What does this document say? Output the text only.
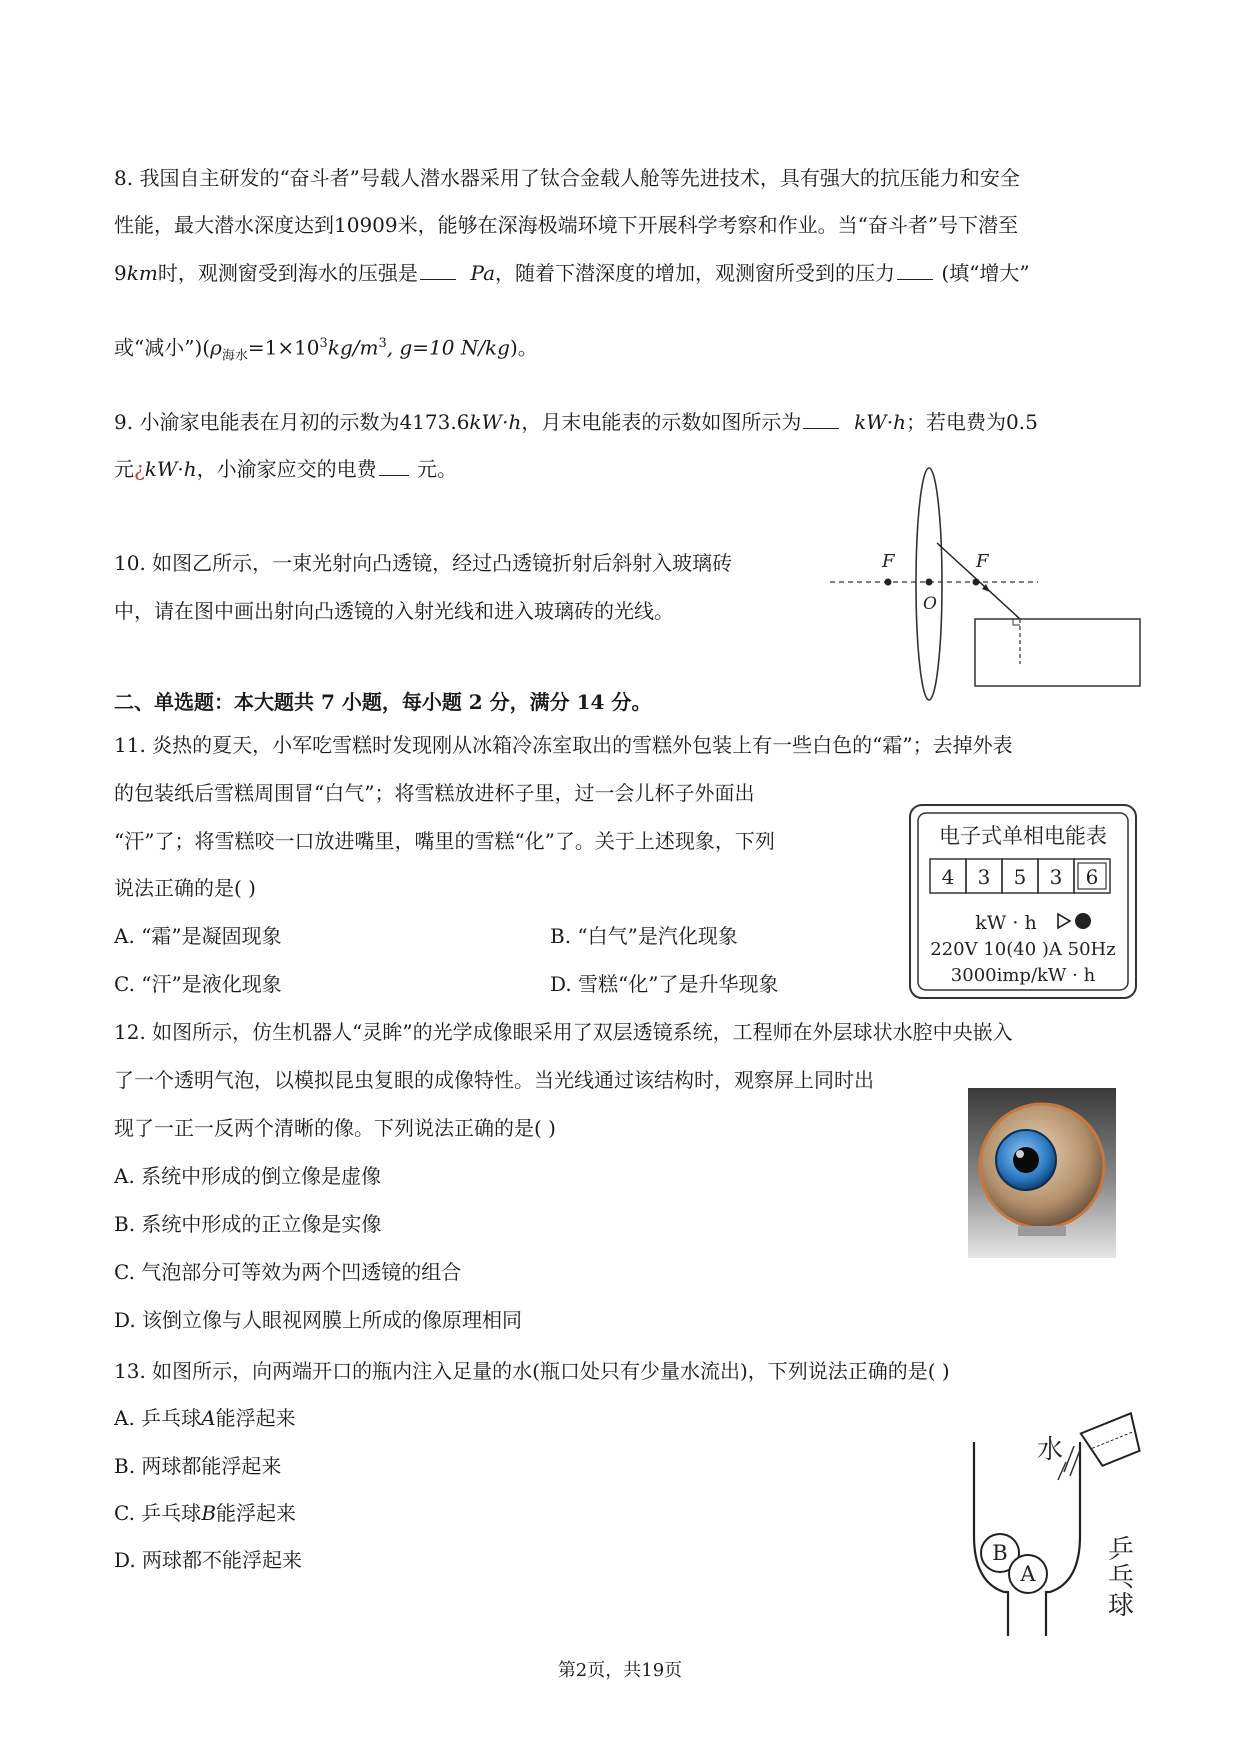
8. 我国自主研发的“奋斗者”号载人潜水器采用了钛合金载人舱等先进技术，具有强大的抗压能力和安全
性能，最大潜水深度达到10909米，能够在深海极端环境下开展科学考察和作业。当“奋斗者”号下潜至
9km时，观测窗受到海水的压强是	Pa，随着下潜深度的增加，观测窗所受到的压力 (填“增大”
或“减小$”)(\rho_{海水}=1\times 10^3kg/m^3$, g=10 N/kg)。
9. 小渝家电能表在月初的示数为4173.6kW·h，月末电能表的示数如图所示为	kW·h；若电费为0.5
元¿kW·h，小渝家应交的电费 元。
10. 如图乙所示，一束光射向凸透镜，经过凸透镜折射后斜射入玻璃砖
中，请在图中画出射向凸透镜的入射光线和进入玻璃砖的光线。
F
O
F
二、单选题：本大题共 7 小题，每小题 2 分，满分 14 分。
11. 炎热的夏天，小军吃雪糕时发现刚从冰箱冷冻室取出的雪糕外包装上有一些白色的“霜”；去掉外表
的包装纸后雪糕周围冒“白气”；将雪糕放进杯子里，过一会儿杯子外面出
“汗”了；将雪糕咬一口放进嘴里，嘴里的雪糕“化”了。关于上述现象，下列
说法正确的是( )
A. “霜”是凝固现象	B. “白气”是汽化现象
C. “汗”是液化现象	D. 雪糕“化”了是升华现象
电子式单相电能表
4 3 5 3 6
kW · h
220V 10(40 )A 50Hz
3000imp/kW · h
12. 如图所示，仿生机器人“灵眸”的光学成像眼采用了双层透镜系统，工程师在外层球状水腔中央嵌入
了一个透明气泡，以模拟昆虫复眼的成像特性。当光线通过该结构时，观察屏上同时出
现了一正一反两个清晰的像。下列说法正确的是( )
A. 系统中形成的倒立像是虚像
B. 系统中形成的正立像是实像
C. 气泡部分可等效为两个凹透镜的组合
D. 该倒立像与人眼视网膜上所成的像原理相同
13. 如图所示，向两端开口的瓶内注入足量的水(瓶口处只有少量水流出)，下列说法正确的是( )
A. 乒乓球A能浮起来
B. 两球都能浮起来
C. 乒乓球B能浮起来
D. 两球都不能浮起来	B
A
水
乒
乓
球
第2页，共19页
